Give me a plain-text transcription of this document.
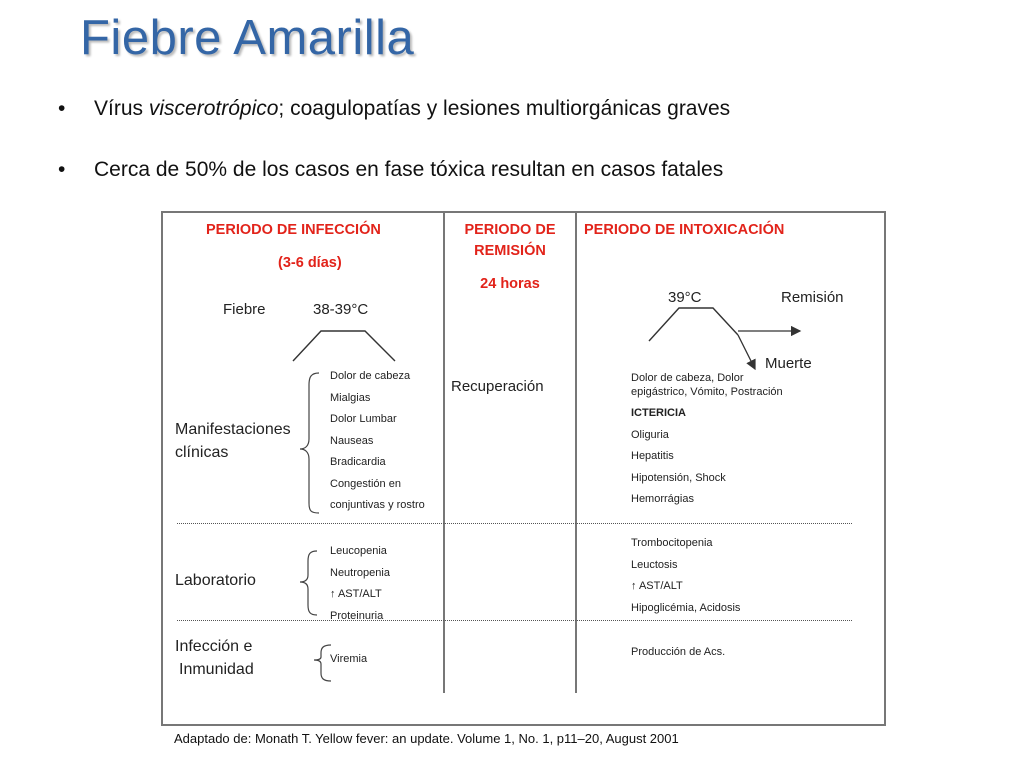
Fiebre Amarilla
• Vírus viscerotrópico; coagulopatías y lesiones multiorgánicas graves
• Cerca de 50% de los casos en fase tóxica resultan en casos fatales
PERIODO DE INFECCIÓN
(3-6 días)
PERIODO DE
REMISIÓN
24 horas
PERIODO DE INTOXICACIÓN
Fiebre	38-39°C
39°C	Remisión
Muerte
Recuperación
Manifestaciones
clínicas
Laboratorio
Infección e
Inmunidad
Dolor de cabeza
Mialgias
Dolor Lumbar
Nauseas
Bradicardia
Congestión en
conjuntivas y rostro
Leucopenia
Neutropenia
↑ AST/ALT
Proteinuria
Viremia
Dolor de cabeza, Dolor
epigástrico, Vómito, Postración
ICTERICIA
Oliguria
Hepatitis
Hipotensión, Shock
Hemorrágias
Trombocitopenia
Leuctosis
↑ AST/ALT
Hipoglicémia, Acidosis
Producción de Acs.
Adaptado de: Monath T. Yellow fever: an update. Volume 1, No. 1, p11–20, August 2001
